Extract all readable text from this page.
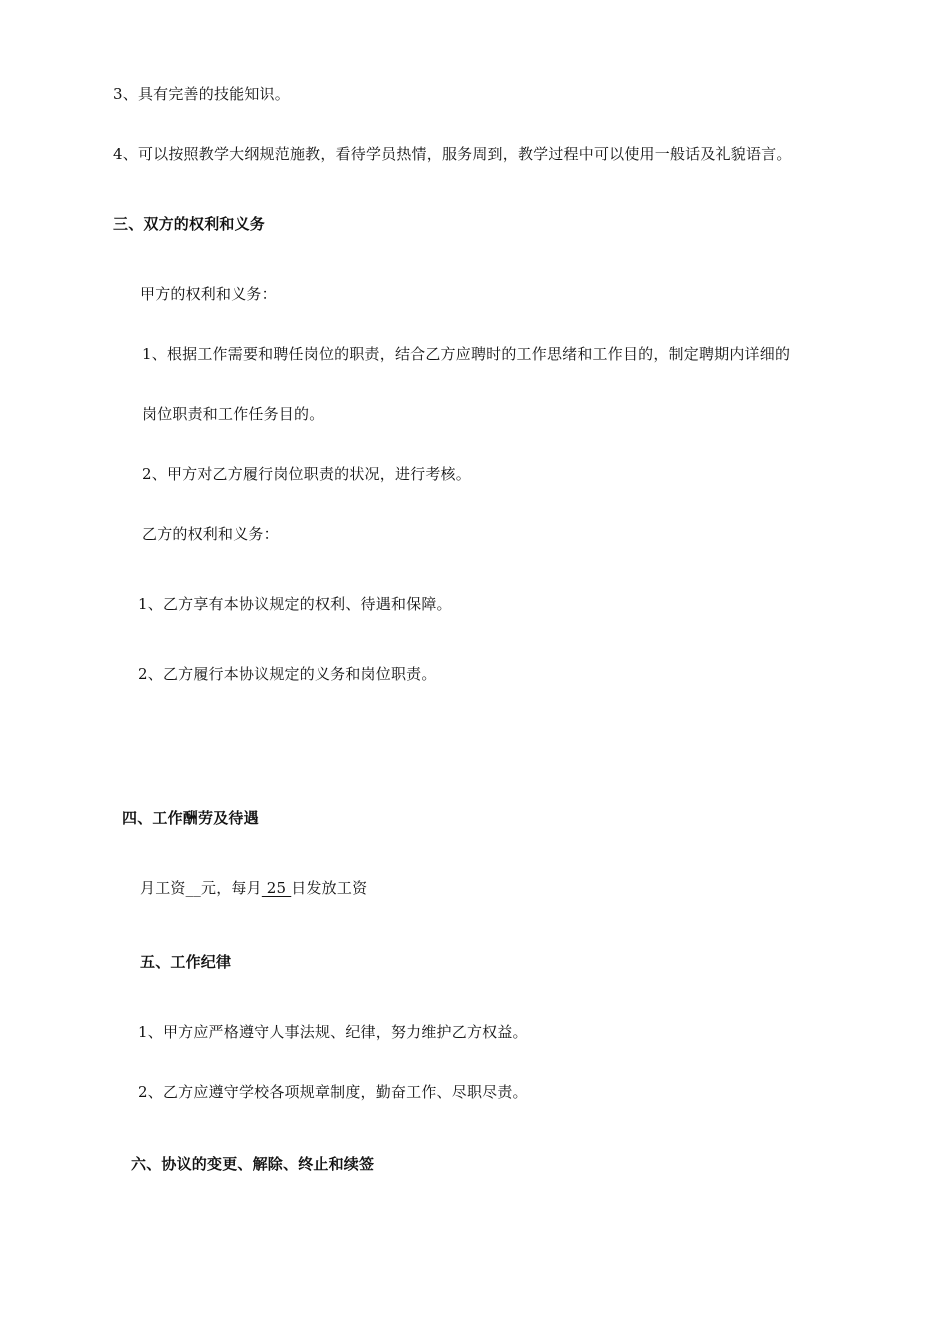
3、具有完善的技能知识。
4、可以按照教学大纲规范施教，看待学员热情，服务周到，教学过程中可以使用一般话及礼貌语言。
三、双方的权利和义务
甲方的权利和义务：
1、根据工作需要和聘任岗位的职责，结合乙方应聘时的工作思绪和工作目的，制定聘期内详细的
岗位职责和工作任务目的。
2、甲方对乙方履行岗位职责的状况，进行考核。
乙方的权利和义务：
1、乙方享有本协议规定的权利、待遇和保障。
2、乙方履行本协议规定的义务和岗位职责。
四、工作酬劳及待遇
月工资__元，每月 25 日发放工资
五、工作纪律
1、甲方应严格遵守人事法规、纪律，努力维护乙方权益。
2、乙方应遵守学校各项规章制度，勤奋工作、尽职尽责。
六、协议的变更、解除、终止和续签
